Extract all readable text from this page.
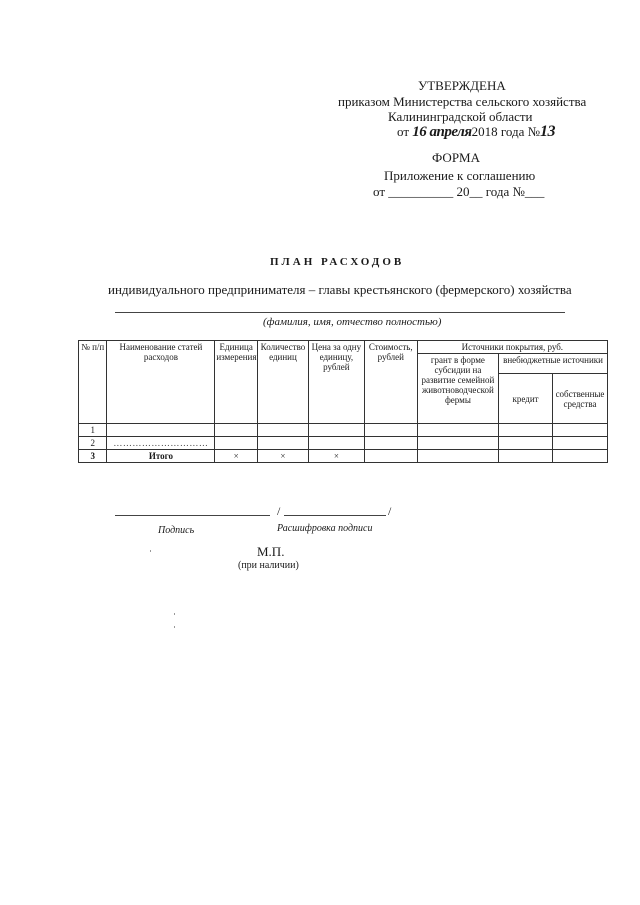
УТВЕРЖДЕНА
приказом Министерства сельского хозяйства
Калининградской области
от 16 апреля2018 года №13
ФОРМА
Приложение к соглашению
от __________ 20__ года №___
ПЛАН РАСХОДОВ
индивидуального предпринимателя – главы крестьянского (фермерского) хозяйства
(фамилия, имя, отчество полностью)
№ п/п	Наименование статей расходов	Единица измерения	Количество единиц	Цена за одну единицу, рублей	Стоимость, рублей	Источники покрытия, руб.		
						грант в форме субсидии на развитие семейной животноводческой фермы	внебюджетные источники	
							кредит	собственные средства
1								
2	…………………………							
3	Итого	×	×	×				
/	/
Подпись	Расшифровка подписи
М.П.
(при наличии)
